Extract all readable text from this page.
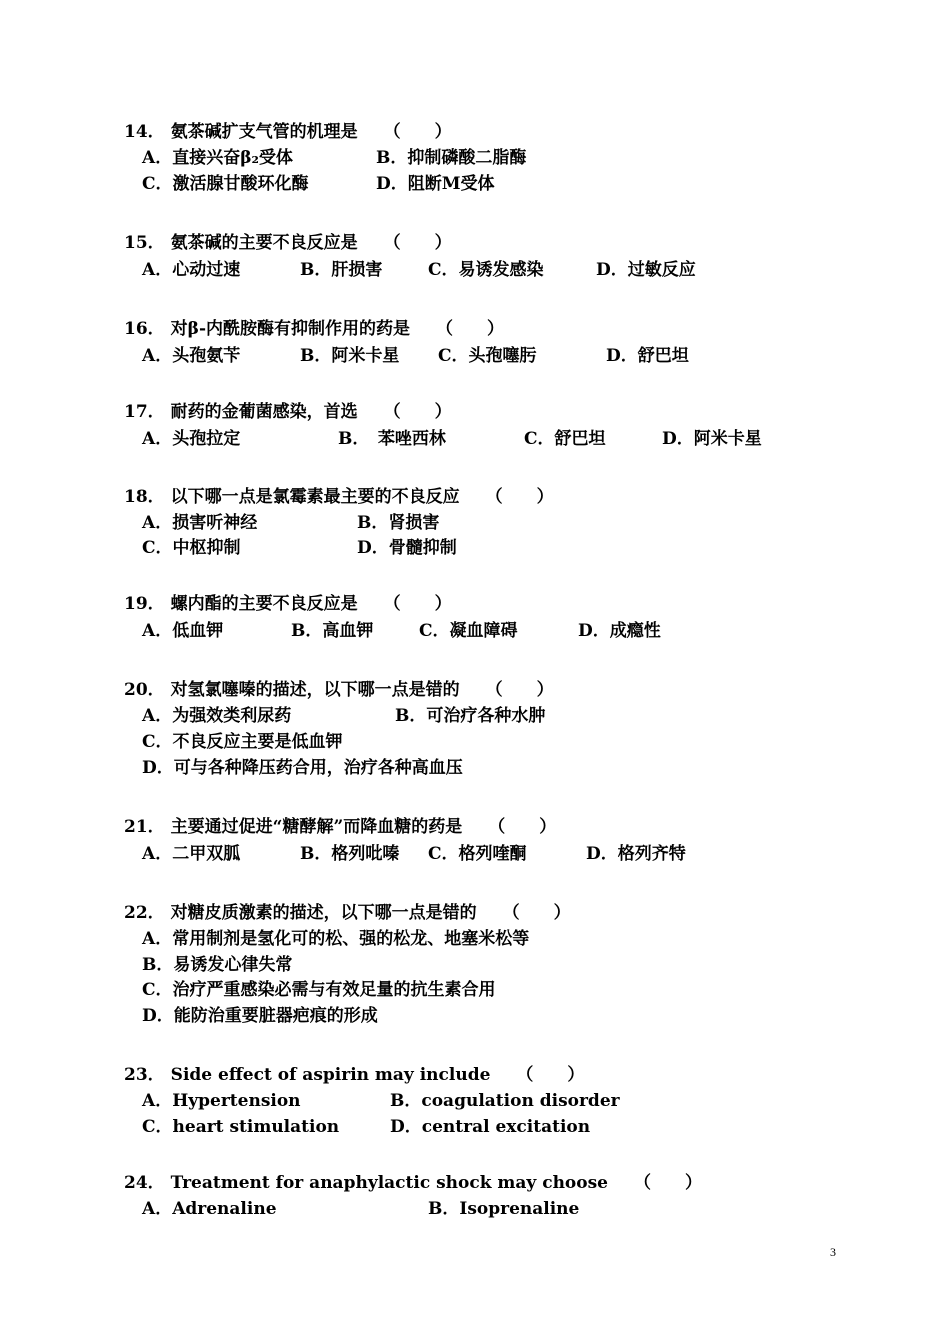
14． 氨茶碱扩支气管的机理是 （　　）
A．直接兴奋β₂受体	B．抑制磷酸二脂酶
C．激活腺甘酸环化酶	D．阻断M受体
15． 氨茶碱的主要不良反应是 （　　）
A．心动过速	B．肝损害	C．易诱发感染	D．过敏反应
16． 对β-内酰胺酶有抑制作用的药是 （　　）
A．头孢氨苄	B．阿米卡星 C．头孢噻肟	D．舒巴坦
17． 耐药的金葡菌感染，首选 （　　）
A．头孢拉定	B．　苯唑西林	C．舒巴坦	D．阿米卡星
18． 以下哪一点是氯霉素最主要的不良反应 （　　）
A．损害听神经	B．肾损害
C．中枢抑制	D．骨髓抑制
19． 螺内酯的主要不良反应是 （　　）
A．低血钾	B．高血钾	C．凝血障碍	D．成瘾性
20． 对氢氯噻嗪的描述，以下哪一点是错的 （　　）
A．为强效类利尿药	B．可治疗各种水肿
C．不良反应主要是低血钾
D．可与各种降压药合用，治疗各种高血压
21． 主要通过促进“糖酵解”而降血糖的药是 （　　）
A．二甲双胍	B．格列吡嗪 C．格列喹酮	D．格列齐特
22． 对糖皮质激素的描述，以下哪一点是错的 （　　）
A．常用制剂是氢化可的松、强的松龙、地塞米松等
B．易诱发心律失常
C．治疗严重感染必需与有效足量的抗生素合用
D．能防治重要脏器疤痕的形成
23． Side effect of aspirin may include （　　）
A．Hypertension	B．coagulation disorder
C．heart stimulation	D．central excitation
24． Treatment for anaphylactic shock may choose （　　）
A．Adrenaline	B．Isoprenaline
3
